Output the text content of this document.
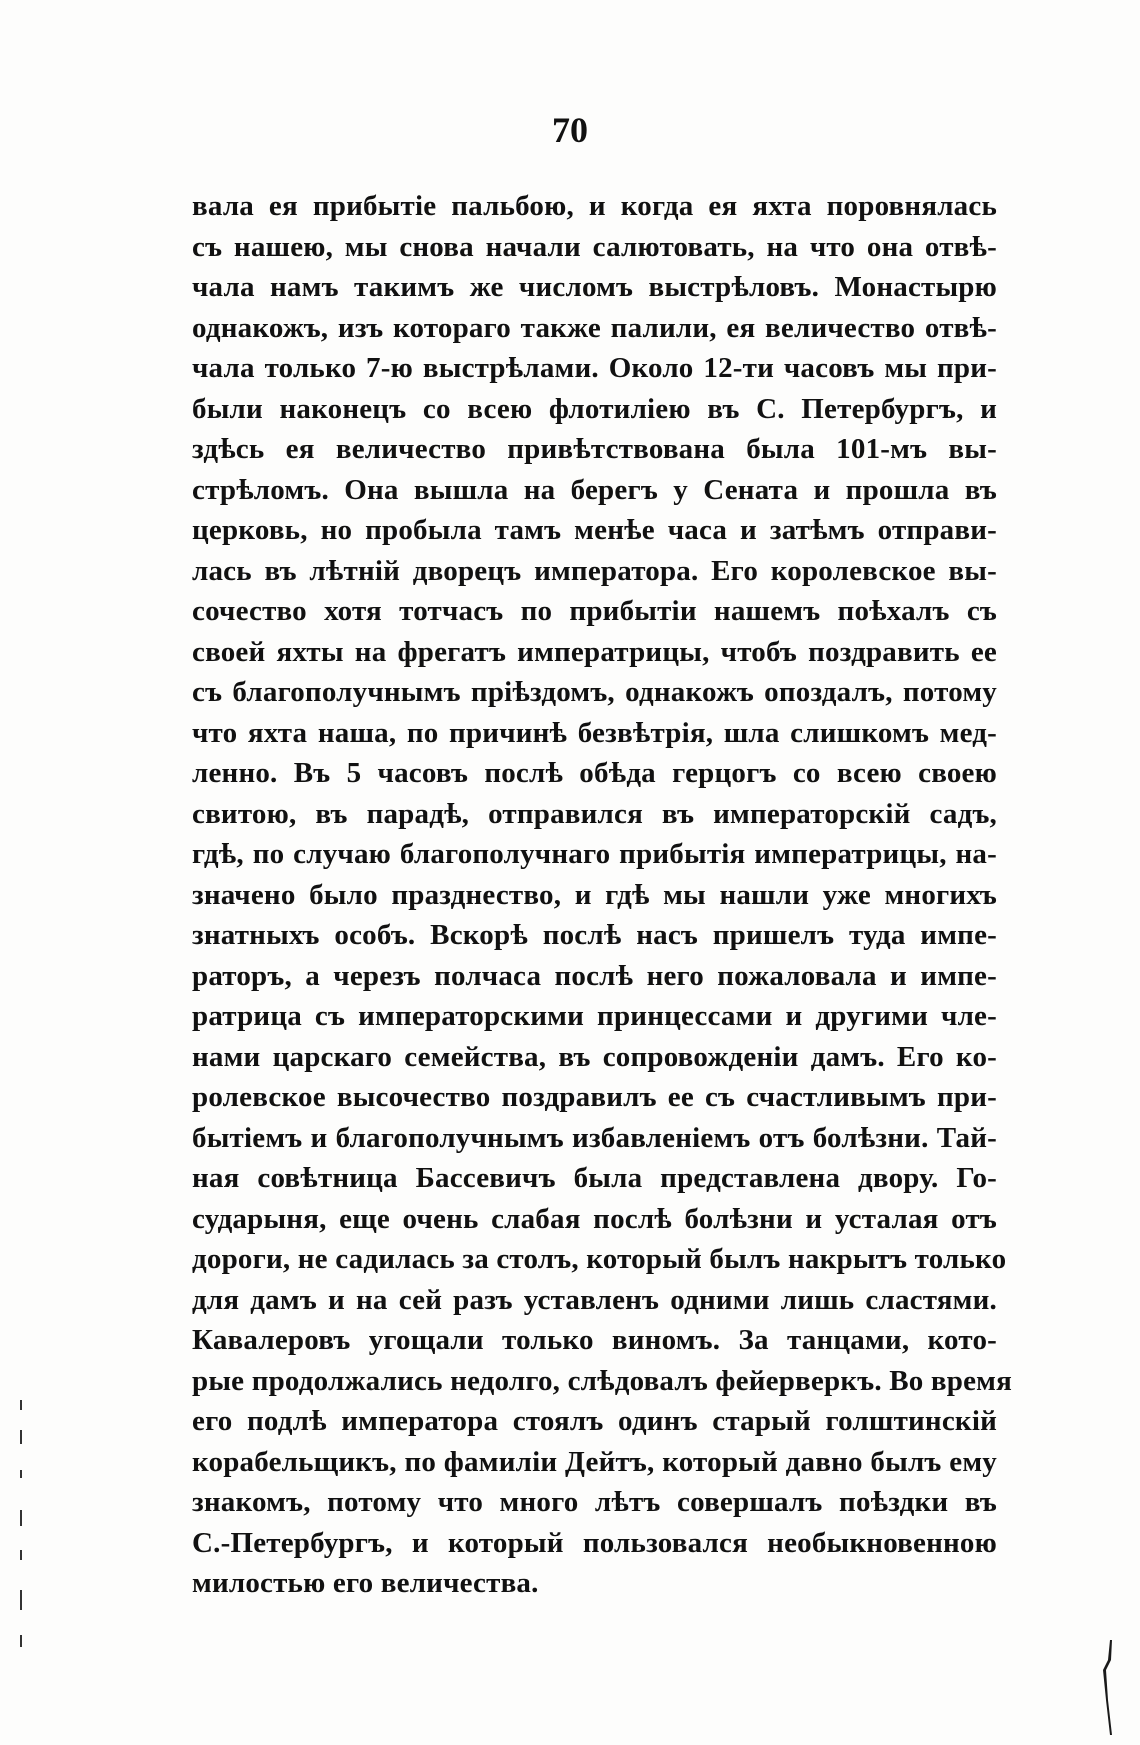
70
вала ея прибытіе пальбою, и когда ея яхта поровнялась
съ нашею, мы снова начали салютовать, на что она отвѣ-
чала намъ такимъ же числомъ выстрѣловъ. Монастырю
однакожъ, изъ котораго также палили, ея величество отвѣ-
чала только 7-ю выстрѣлами. Около 12-ти часовъ мы при-
были наконецъ со всею флотиліею въ С. Петербургъ, и
здѣсь ея величество привѣтствована была 101-мъ вы-
стрѣломъ. Она вышла на берегъ у Сената и прошла въ
церковь, но пробыла тамъ менѣе часа и затѣмъ отправи-
лась въ лѣтній дворецъ императора. Его королевское вы-
сочество хотя тотчасъ по прибытіи нашемъ поѣхалъ съ
своей яхты на фрегатъ императрицы, чтобъ поздравить ее
съ благополучнымъ пріѣздомъ, однакожъ опоздалъ, потому
что яхта наша, по причинѣ безвѣтрія, шла слишкомъ мед-
ленно. Въ 5 часовъ послѣ обѣда герцогъ со всею своею
свитою, въ парадѣ, отправился въ императорскій садъ,
гдѣ, по случаю благополучнаго прибытія императрицы, на-
значено было празднество, и гдѣ мы нашли уже многихъ
знатныхъ особъ. Вскорѣ послѣ насъ пришелъ туда импе-
раторъ, а черезъ полчаса послѣ него пожаловала и импе-
ратрица съ императорскими принцессами и другими чле-
нами царскаго семейства, въ сопровожденіи дамъ. Его ко-
ролевское высочество поздравилъ ее съ счастливымъ при-
бытіемъ и благополучнымъ избавленіемъ отъ болѣзни. Тай-
ная совѣтница Бассевичъ была представлена двору. Го-
сударыня, еще очень слабая послѣ болѣзни и усталая отъ
дороги, не садилась за столъ, который былъ накрытъ только
для дамъ и на сей разъ уставленъ одними лишь сластями.
Кавалеровъ угощали только виномъ. За танцами, кото-
рые продолжались недолго, слѣдовалъ фейерверкъ. Во время
его подлѣ императора стоялъ одинъ старый голштинскій
корабельщикъ, по фамиліи Дейтъ, который давно былъ ему
знакомъ, потому что много лѣтъ совершалъ поѣздки въ
С.-Петербургъ, и который пользовался необыкновенною
милостью его величества.
